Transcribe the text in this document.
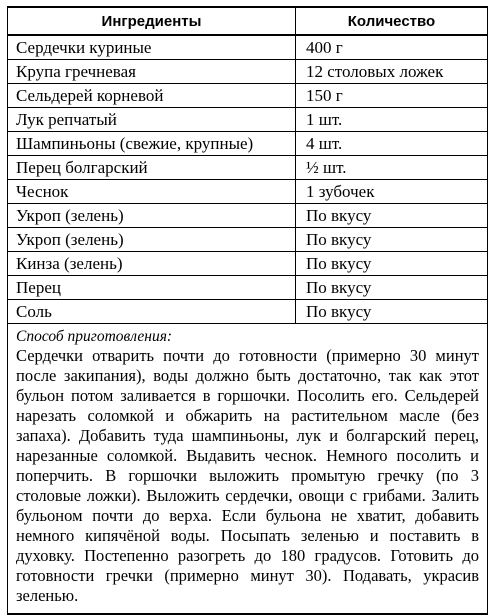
Ингредиенты	Количество
Сердечки куриные	400 г
Крупа гречневая	12 столовых ложек
Сельдерей корневой	150 г
Лук репчатый	1 шт.
Шампиньоны (свежие, крупные)	4 шт.
Перец болгарский	½ шт.
Чеснок	1 зубочек
Укроп (зелень)	По вкусу
Укроп (зелень)	По вкусу
Кинза (зелень)	По вкусу
Перец	По вкусу
Соль	По вкусу

Способ приготовления:
Сердечки отварить почти до готовности (примерно 30 минут после закипания), воды должно быть достаточно, так как этот бульон потом заливается в горшочки. Посолить его. Сельдерей нарезать соломкой и обжарить на растительном масле (без запаха). Добавить туда шампиньоны, лук и болгарский перец, нарезанные соломкой. Выдавить чеснок. Немного посолить и поперчить. В горшочки выложить промытую гречку (по 3 столовые ложки). Выложить сердечки, овощи с грибами. Залить бульоном почти до верха. Если бульона не хватит, добавить немного кипячёной воды. Посыпать зеленью и поставить в духовку. Постепенно разогреть до 180 градусов. Готовить до готовности гречки (примерно минут 30). Подавать, украсив зеленью.	
